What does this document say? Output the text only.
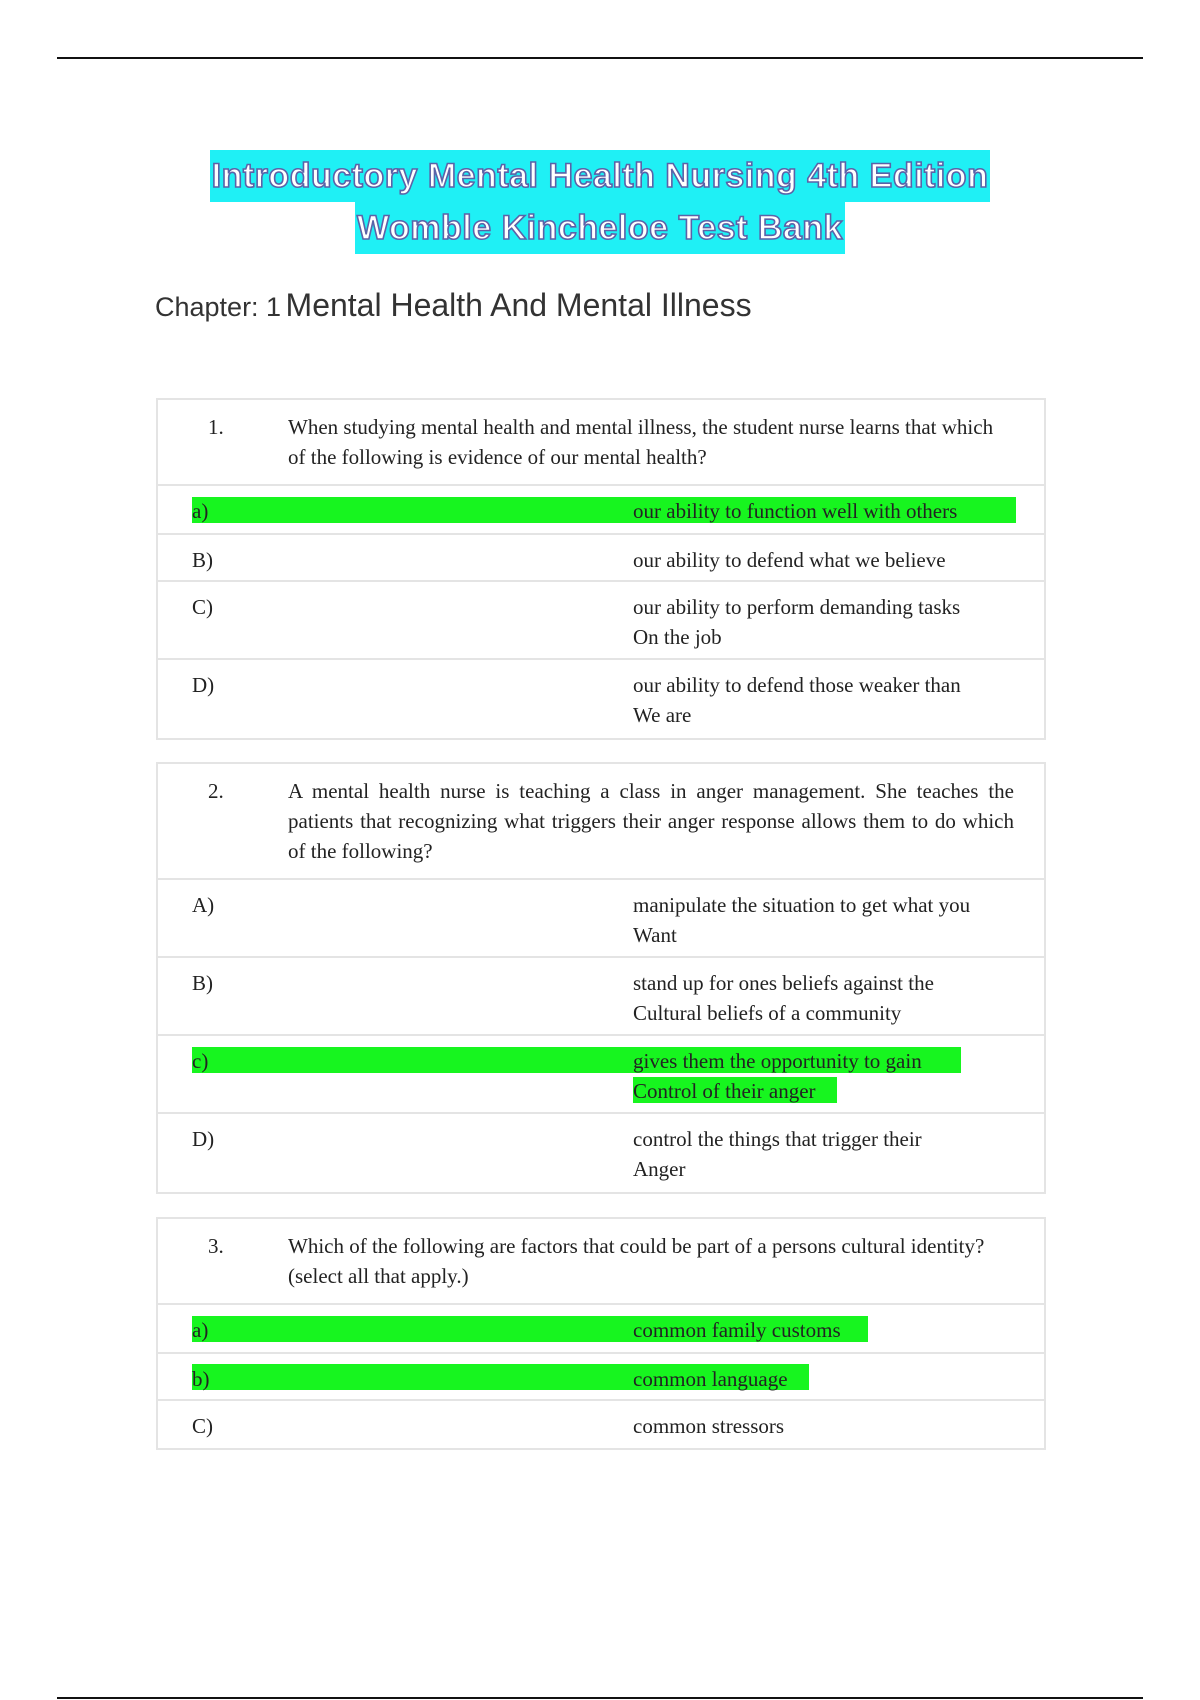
Introductory Mental Health Nursing 4th Edition
Womble Kincheloe Test Bank
Chapter: 1 Mental Health And Mental Illness
1.	When studying mental health and mental illness, the student nurse learns that which of the following is evidence of our mental health?
a)	our ability to function well with others
B)	our ability to defend what we believe
C)	our ability to perform demanding tasks
On the job
D)	our ability to defend those weaker than
We are
2.	A mental health nurse is teaching a class in anger management. She teaches the patients that recognizing what triggers their anger response allows them to do which of the following?
A)	manipulate the situation to get what you
Want
B)	stand up for ones beliefs against the
Cultural beliefs of a community
c)	gives them the opportunity to gain
Control of their anger
D)	control the things that trigger their
Anger
3.	Which of the following are factors that could be part of a persons cultural identity? (select all that apply.)
a)	common family customs
b)	common language
C)	common stressors
